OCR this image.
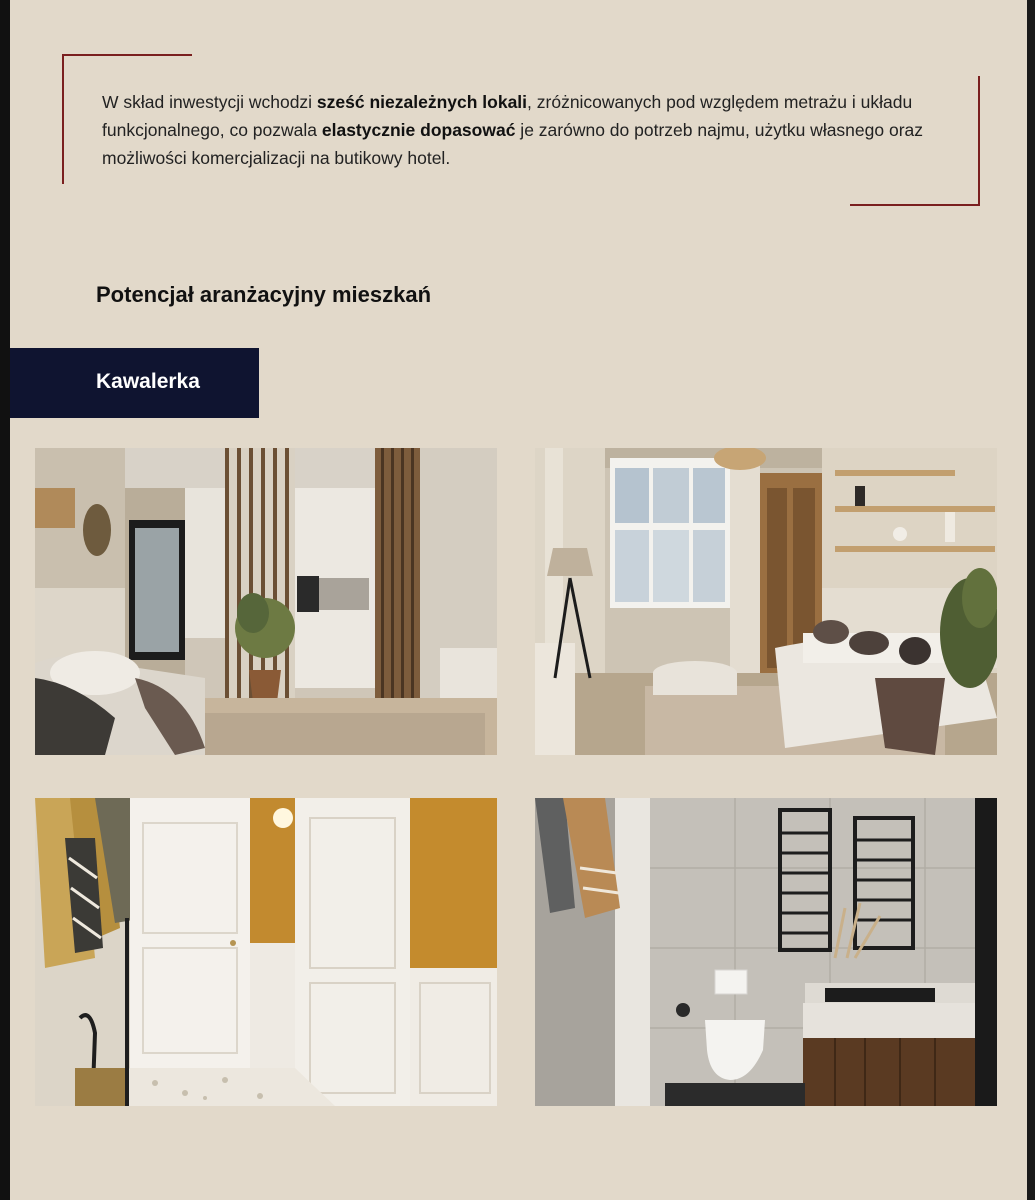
W skład inwestycji wchodzi sześć niezależnych lokali, zróżnicowanych pod względem metrażu i układu funkcjonalnego, co pozwala elastycznie dopasować je zarówno do potrzeb najmu, użytku własnego oraz możliwości komercjalizacji na butikowy hotel.

Potencjał aranżacyjny mieszkań
Kawalerka
